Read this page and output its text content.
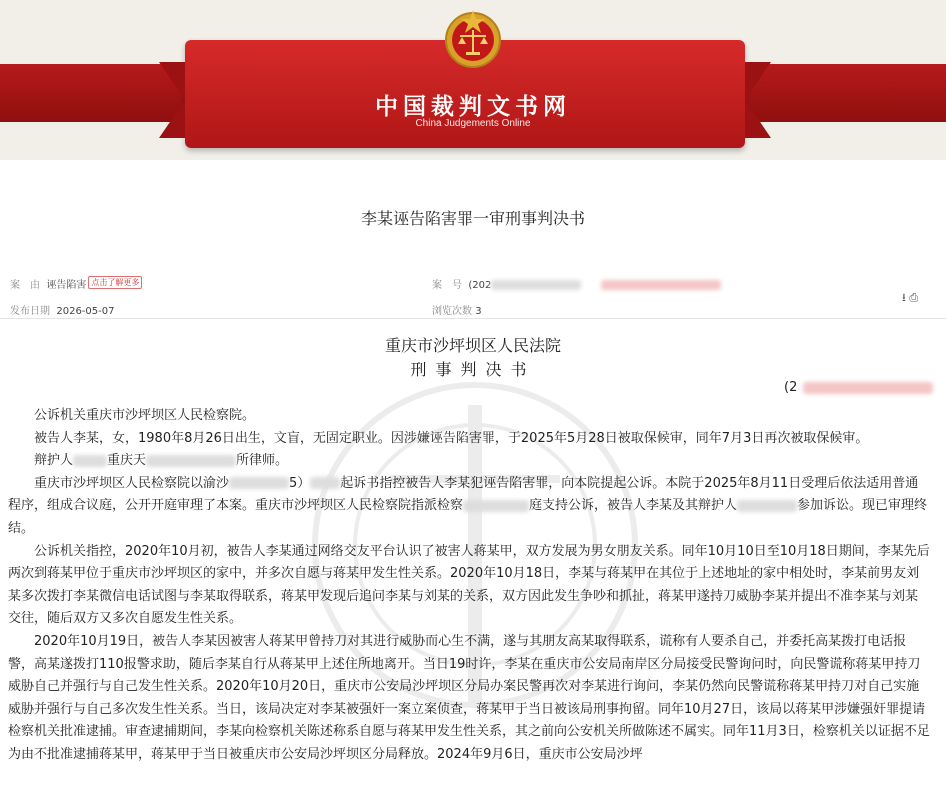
中国裁判文书网
China Judgements Online
李某诬告陷害罪一审刑事判决书
案　由 诬告陷害 点击了解更多	案　号 (202
发布日期 2026-05-07	浏览次数 3
⭳ ⎙
重庆市沙坪坝区人民法院
刑事判决书
(2

公诉机关重庆市沙坪坝区人民检察院。

被告人李某，女，1980年8月26日出生，文盲，无固定职业。因涉嫌诬告陷害罪，于2025年5月28日被取保候审，同年7月3日再次被取保候审。

辩护人	重庆天	所律师。

重庆市沙坪坝区人民检察院以渝沙	5） 起诉书指控被告人李某犯诬告陷害罪，向本院提起公诉。本院于2025年8月11日受理后依法适用普通程序，组成合议庭，公开开庭审理了本案。重庆市沙坪坝区人民检察院指派检察	庭支持公诉，被告人李某及其辩护人	参加诉讼。现已审理终结。

公诉机关指控，2020年10月初，被告人李某通过网络交友平台认识了被害人蒋某甲，双方发展为男女朋友关系。同年10月10日至10月18日期间，李某先后两次到蒋某甲位于重庆市沙坪坝区的家中，并多次自愿与蒋某甲发生性关系。2020年10月18日，李某与蒋某甲在其位于上述地址的家中相处时，李某前男友刘某多次拨打李某微信电话试图与李某取得联系，蒋某甲发现后追问李某与刘某的关系，双方因此发生争吵和抓扯，蒋某甲遂持刀威胁李某并提出不准李某与刘某交往，随后双方又多次自愿发生性关系。

2020年10月19日，被告人李某因被害人蒋某甲曾持刀对其进行威胁而心生不满，遂与其朋友高某取得联系，谎称有人要杀自己，并委托高某拨打电话报警，高某遂拨打110报警求助，随后李某自行从蒋某甲上述住所地离开。当日19时许，李某在重庆市公安局南岸区分局接受民警询问时，向民警谎称蒋某甲持刀威胁自己并强行与自己发生性关系。2020年10月20日，重庆市公安局沙坪坝区分局办案民警再次对李某进行询问，李某仍然向民警谎称蒋某甲持刀对自己实施威胁并强行与自己多次发生性关系。当日，该局决定对李某被强奸一案立案侦查，蒋某甲于当日被该局刑事拘留。同年10月27日，该局以蒋某甲涉嫌强奸罪提请检察机关批准逮捕。审查逮捕期间，李某向检察机关陈述称系自愿与蒋某甲发生性关系，其之前向公安机关所做陈述不属实。同年11月3日，检察机关以证据不足为由不批准逮捕蒋某甲，蒋某甲于当日被重庆市公安局沙坪坝区分局释放。2024年9月6日，重庆市公安局沙坪
